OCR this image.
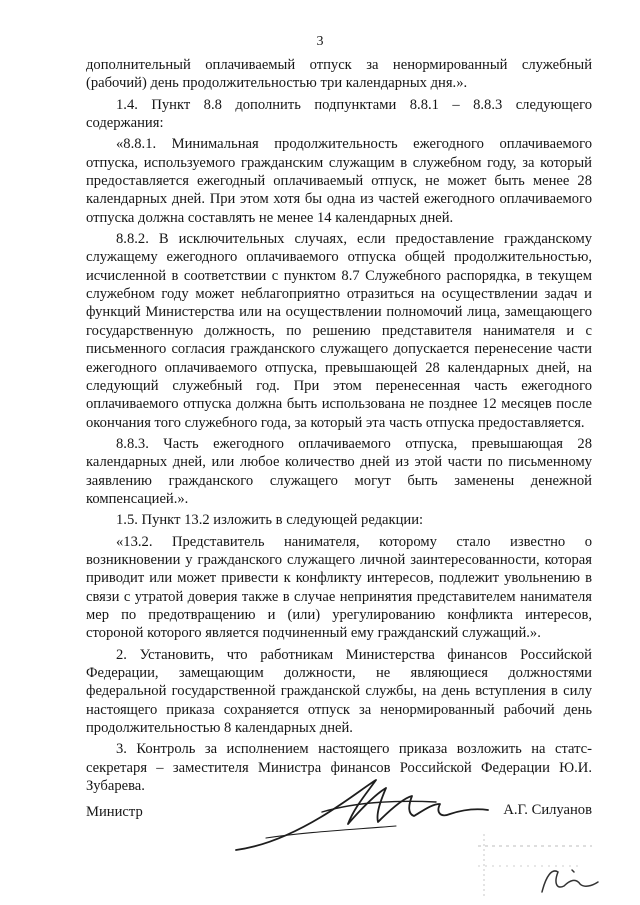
3

дополнительный оплачиваемый отпуск за ненормированный служебный (рабочий) день продолжительностью три календарных дня.».

1.4. Пункт 8.8 дополнить подпунктами 8.8.1 – 8.8.3 следующего содержания:

«8.8.1. Минимальная продолжительность ежегодного оплачиваемого отпуска, используемого гражданским служащим в служебном году, за который предоставляется ежегодный оплачиваемый отпуск, не может быть менее 28 календарных дней. При этом хотя бы одна из частей ежегодного оплачиваемого отпуска должна составлять не менее 14 календарных дней.

8.8.2. В исключительных случаях, если предоставление гражданскому служащему ежегодного оплачиваемого отпуска общей продолжительностью, исчисленной в соответствии с пунктом 8.7 Служебного распорядка, в текущем служебном году может неблагоприятно отразиться на осуществлении задач и функций Министерства или на осуществлении полномочий лица, замещающего государственную должность, по решению представителя нанимателя и с письменного согласия гражданского служащего допускается перенесение части ежегодного оплачиваемого отпуска, превышающей 28 календарных дней, на следующий служебный год. При этом перенесенная часть ежегодного оплачиваемого отпуска должна быть использована не позднее 12 месяцев после окончания того служебного года, за который эта часть отпуска предоставляется.

8.8.3. Часть ежегодного оплачиваемого отпуска, превышающая 28 календарных дней, или любое количество дней из этой части по письменному заявлению гражданского служащего могут быть заменены денежной компенсацией.».

1.5. Пункт 13.2 изложить в следующей редакции:

«13.2. Представитель нанимателя, которому стало известно о возникновении у гражданского служащего личной заинтересованности, которая приводит или может привести к конфликту интересов, подлежит увольнению в связи с утратой доверия также в случае непринятия представителем нанимателя мер по предотвращению и (или) урегулированию конфликта интересов, стороной которого является подчиненный ему гражданский служащий.».

2. Установить, что работникам Министерства финансов Российской Федерации, замещающим должности, не являющиеся должностями федеральной государственной гражданской службы, на день вступления в силу настоящего приказа сохраняется отпуск за ненормированный рабочий день продолжительностью 8 календарных дней.

3. Контроль за исполнением настоящего приказа возложить на статс-секретаря – заместителя Министра финансов Российской Федерации Ю.И. Зубарева.

Министр	А.Г. Силуанов
